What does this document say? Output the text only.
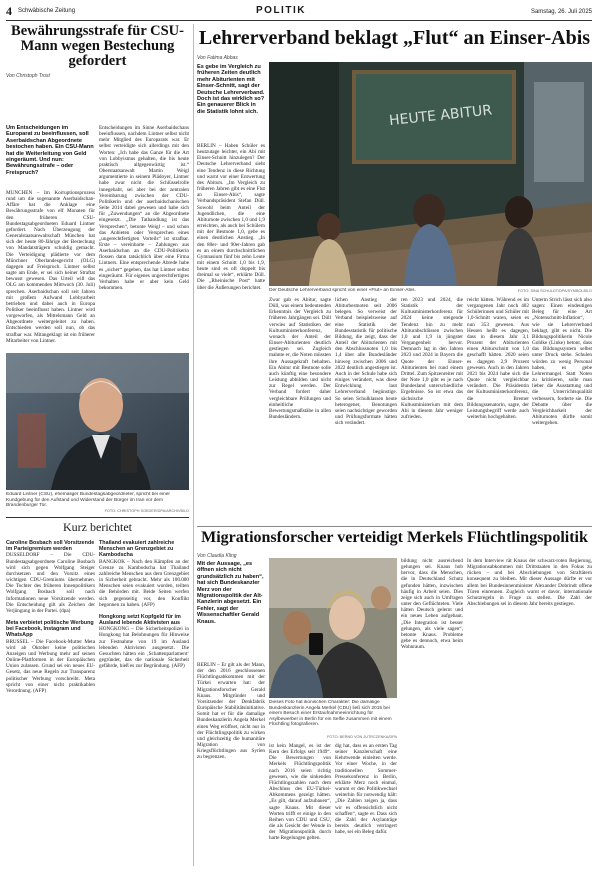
4 Schwäbische Zeitung	POLITIK	Samstag, 26. Juli 2025
Bewährungsstrafe für CSU-Mann wegen Bestechung gefordert
Von Christoph Trost
Um Entscheidungen im Europarat zu beeinflussen, soll Aserbaidschan Abgeordnete bestochen haben. Ein CSU-Mann hat die Weiterleitung von Geld eingeräumt. Und nun: Bewährungsstrafe – oder Freispruch?
MÜNCHEN – Im Korruptionsprozess rund um die sogenannte Aserbaidschan-Affäre hat die Anklage eine Bewährungsstrafe von elf Monaten für den früheren CSU-Bundestagsabgeordneten Eduard Lintner gefordert. Nach Überzeugung der Generalstaatsanwaltschaft München hat sich der heute 80-Jährige der Bestechung von Mandatsträgern schuldig gemacht. Die Verteidigung plädierte vor dem Münchner Oberlandesgericht (OLG) dagegen auf Freispruch. Lintner selbst sagte am Ende, er sei sich keiner Straftat bewusst gewesen. Das Urteil will das OLG am kommenden Mittwoch (30. Juli) sprechen. Aserbaidschan soll seit Jahren mit großem Aufwand Lobbyarbeit betrieben und dabei auch in Europa Politiker beeinflusst haben. Lintner wird vorgeworfen, als Mittelsmann Geld an Abgeordnete weitergeleitet zu haben. Entschieden werden soll nun, ob das strafbar war. Mitangeklagt ist ein früherer Mitarbeiter von Lintner.
Entscheidungen im Sinne Aserbaidschans beeinflussen, nachdem Lintner selbst nicht mehr Mitglied des Europarats war. Er selbst verteidigte sich allerdings mit den Worten: „Ich habe das Ganze für die Art von Lobbyismus gehalten, die bis heute praktisch allgegenwärtig ist.“ Oberstaatsanwalt Martin Weigl argumentierte in seinem Plädoyer, Lintner habe zwar nicht die Schlüsselrolle innegehabt, sei aber bei der zentralen Vereinbarung zwischen der CDU-Politikerin und der aserbaidschanischen Seite 2014 dabei gewesen und habe sich für „Zuwendungen“ an die Abgeordnete eingesetzt. „Die Tathandlung ist das Versprechen“, betonte Weigl – und schon das Anbieten oder Versprechen eines „ungerechtfertigten Vorteils“ ist strafbar. Erste – vereinbarte – Zahlungen aus Aserbaidschan an die CDU-Politikerin flossen dann tatsächlich über eine Firma Lintners. Eine entsprechende Abrede habe es „sicher“ gegeben, das hat Lintner selbst eingeräumt. Für eigenes ungerechtfertigtes Verhalten habe er aber kein Geld bekommen.
Eduard Lintner (CSU), ehemaliger Bundestagsabgeordneter, spricht bei einer Kundgebung für den Aufstand und Widerstand der Bürger im Iran vor dem Brandenburger Tor.
FOTO: CHRISTOPH SOEDER/DPA/ARCHIVBILD
Kurz berichtet
Caroline Bosbach soll Vorsitzende im Parteigremium werden
DÜSSELDORF – Die CDU-Bundestagsabgeordnete Caroline Bosbach wird sich gegen Wolfgang Steiger durchsetzen und den Vorsitz eines wichtigen CDU-Gremiums übernehmen. Die Tochter des früheren Innenpolitikers Wolfgang Bosbach soll nach Informationen neue Vorsitzende werden. Die Entscheidung gilt als Zeichen der Verjüngung in der Partei. (dpa)
Meta verbietet politische Werbung bei Facebook, Instagram und WhatsApp
BRÜSSEL – Die Facebook-Mutter Meta wird ab Oktober keine politischen Anzeigen und Werbung mehr auf seinen Online-Plattformen in der Europäischen Union zulassen. Grund sei ein neues EU-Gesetz, das neue Regeln zur Transparenz politischer Werbung vorschreibt. Meta spricht von einer nicht praktikablen Verordnung. (AFP)
Thailand evakuiert zahlreiche Menschen an Grenzgebiet zu Kambodscha
BANGKOK – Nach den Kämpfen an der Grenze zu Kambodscha hat Thailand zahlreiche Menschen aus dem Grenzgebiet in Sicherheit gebracht. Mehr als 100.000 Menschen seien evakuiert worden, teilten die Behörden mit. Beide Seiten werfen sich gegenseitig vor, den Konflikt begonnen zu haben. (AFP)
Hongkong setzt Kopfgeld für im Ausland lebende Aktivisten aus
HONGKONG – Die Sicherheitspolizei in Hongkong hat Belohnungen für Hinweise zur Festnahme von 19 im Ausland lebenden Aktivisten ausgesetzt. Die Gesuchten hätten ein ‚Schattenparlament‘ gegründet, das die nationale Sicherheit gefährde, hieß es zur Begründung. (AFP)
Lehrerverband beklagt „Flut“ an Einser-Abis
Von Fatima Abbas
Es gebe im Vergleich zu früheren Zeiten deutlich mehr Abiturienten mit Einser-Schnitt, sagt der Deutsche Lehrerverband. Doch ist das wirklich so? Ein genauerer Blick in die Statistik lohnt sich.
BERLIN – Haben Schüler es heutzutage leichter, ein Abi mit Einser-Schnitt hinzulegen? Der Deutsche Lehrerverband sieht eine Tendenz in diese Richtung und warnt vor einer Entwertung des Abiturs. „Im Vergleich zu früheren Jahren gibt es eine Flut an Einser-Abis“, sagte Verbandspräsident Stefan Düll. Sowohl beim Anteil der Jugendlichen, die eine Abiturnote zwischen 1,0 und 1,9 erreichten, als auch bei Schülern mit der Bestnote 1,0, gebe es einen deutlichen Anstieg. „In den 80er- und 90er-Jahren gab es an einem durchschnittlichen Gymnasium fünf bis zehn Leute mit einem Schnitt 1,0 bis 1,9, heute sind es oft doppelt bis dreimal so viele“, erklärte Düll. Die „Rheinische Post“ hatte über die Äußerungen berichtet.
HEUTE ABITUR
Der Deutsche Lehrerverband spricht von einer «Flut» an Einser-Abis.	FOTO: SINA SCHULDT/DPA/SYMBOLBILD
Zwar gab es Abitur, sagte Düll, was einem bedeutenden Erkenntnis der Vergleich zu früheren Jahrgängen sei. Düll verwies auf Statistiken der Kultusministerkonferenz, wonach der Anteil der Einser-Abiturienten deutlich gestiegen sei. Zugleich mahnte er, die Noten müssten ihre Aussagekraft behalten. Ein Abitur mit Bestnote solle auch künftig eine besondere Leistung abbilden und nicht zur Regel werden. Der Verband fordert daher vergleichbare Prüfungen und einheitliche Bewertungsmaßstäbe in allen Bundesländern.
lichen Anstieg der Abiturbestnoten seit 2006 belegen. So verweist der Verband beispielsweise auf eine Statistik der Bundesstatistik für politische Bildung, die zeigt, dass der Anteil der Abiturienten mit den Abschlussnoten 1,0 bis 1,4 über alle Bundesländer hinweg zwischen 2006 und 2022 deutlich angestiegen ist. Auch in der Schule habe sich einiges verändert, was diese Entwicklung laut Lehrerverband begünstige. So seien Schulklassen heute heterogener, Benotungen seien nachsichtiger geworden und Prüfungsformate hätten sich verändert.
ren 2023 und 2024, die Statistik der Kultusministerkonferenz für 2024 keine steigende Tendenz hin zu mehr Abiturabschlüssen zwischen 1,0 und 1,9 in jüngster Vergangenheit hervor. Demnach lag in den Jahren 2023 und 2024 in Bayern die Quote der Einser-Abiturienten bei rund einem Drittel. Zum Spitzenreiter mit der Note 1,0 gibt es je nach Bundesland unterschiedliche Ergebnisse. So ist etwa das sächsische Kultusministerium mit dem Abi in diesem Jahr weniger zufrieden.
reicht hätten. Während es im vergangenen Jahr noch 402 Schülerinnen und Schüler mit 1,0-Schnitt waren, seien es nun 353 gewesen. Aus Hessen heißt es dagegen, dass in diesem Jahr 3,1 Prozent der Abiturienten einen Abiturschnitt von 1,0 geschafft hätten. 2020 seien es dagegen 2,9 Prozent gewesen. Auch in den Jahren 2021 bis 2024 habe sich die Quote nicht vergleichbar verändert. Die Präsidentin der Kultusministerkonferenz, die Bremer Bildungssenatorin, sagte, der Leistungsbegriff werde auch weiterhin hochgehalten.
Unterm Strich lässt sich also sagen: Einen eindeutigen Beleg für eine Art „Notenschnitt-Inflation“, wie sie Lehrerverband beklagt, gibt es nicht. Die Bildungspolitikerin Nicole Gohlke (Linke) betont, dass das Bildungssystem selbst unter Druck stehe. Schulen würden zu wenig Personal haben, es gebe Lehrermangel. Statt Noten zu kritisieren, solle man lieber die Ausstattung und die Unterrichtsqualität verbessern, forderte sie. Die Debatte über die Vergleichbarkeit der Abiturnoten dürfte somit weitergehen.
Migrationsforscher verteidigt Merkels Flüchtlingspolitik
Von Claudia Kling
Mit der Aussage, „es öffnen sich nicht grundsätzlich zu haben“, hat sich Bundeskanzler Merz von der Migrationspolitik der Alt-Kanzlerin abgesetzt. Ein Fehler, sagt der Wissenschaftler Gerald Knaus.
BERLIN – Er gilt als der Mann, der den 2016 geschlossenen Flüchtlingsabkommen mit der Türkei erwarten hat: der Migrationsforscher Gerald Knaus. Mitgründer und Vorsitzender der Denkfabrik Europäische Stabilitätsinitiative. Somit hat er für die damalige Bundeskanzlerin Angela Merkel einen Weg eröffnet, nicht nur in der Flüchtlingspolitik zu wirken und gleichzeitig die humanitäre Migration von Kriegsflüchtlingen aus Syrien zu begrenzen.
Dieses Foto hat ikonischen Charakter: Die damalige Bundeskanzlerin Angela Merkel (CDU) ließ sich 2015 bei einem Besuch einer Erstaufnahmeeinrichtung für Asylbewerber in Berlin für ein Selfie zusammen mit einem Flüchtling fotografieren.
FOTO: BERND VON JUTRCZENKA/DPA
ist kein Mangel, es ist der Kern des Erfolgs seit 1949“. Die Bewertungen von Merkels Flüchtlingspolitik nach 2016 seien richtig gewesen, wie die sinkenden Flüchtlingszahlen nach dem Abschluss des EU-Türkei-Abkommens gezeigt hätten. „Es gilt, darauf aufzubauen“, sagte Knaus. Mit dieser Worten trifft er einige in den Reihen von CDU und CSU, die als Gesicht der Wende in der Migrationspolitik durch harte Regelungen gelten.
dig hat, dass es an ersten Tag seiner Kanzlerschaft eine Kehrtwende einleiten werde. Vor einer Woche, in der traditionellen Sommer-Pressekonferenz in Berlin, erklärte Merz noch einmal, warum er den Politikwechsel weiterhin für notwendig hält: „Die Zahlen zeigen ja, dass wir es offensichtlich nicht schaffen“, sagte er. Dass sich die Zahl der Asylanträge bereits deutlich verringert habe, sei ein Beleg dafür.
bildung nicht ausreichend gelungen sei. Knaus hob hervor, dass die Menschen, die in Deutschland Schutz gefunden hätten, inzwischen häufig in Arbeit seien. Dies zeige sich auch in Umfragen unter den Geflüchteten. Viele hätten Deutsch gelernt und ein neues Leben aufgebaut. „Die Integration ist besser gelungen, als viele sagen“, betonte Knaus. Probleme gebe es dennoch, etwa beim Wohnraum.
In dem Interview rät Knaus der schwarz-roten Regierung, Migrationsabkommen mit Drittstaaten in den Fokus zu rücken – und bei Abschiebungen von Straftätern konsequent zu bleiben. Mit dieser Aussage dürfte er vor allem bei Bundesinnenminister Alexander Dobrindt offene Türen einrennen. Zugleich warnt er davor, internationale Schutzregeln in Frage zu stellen. Die Zahl der Abschiebungen sei in diesem Jahr bereits gestiegen.
